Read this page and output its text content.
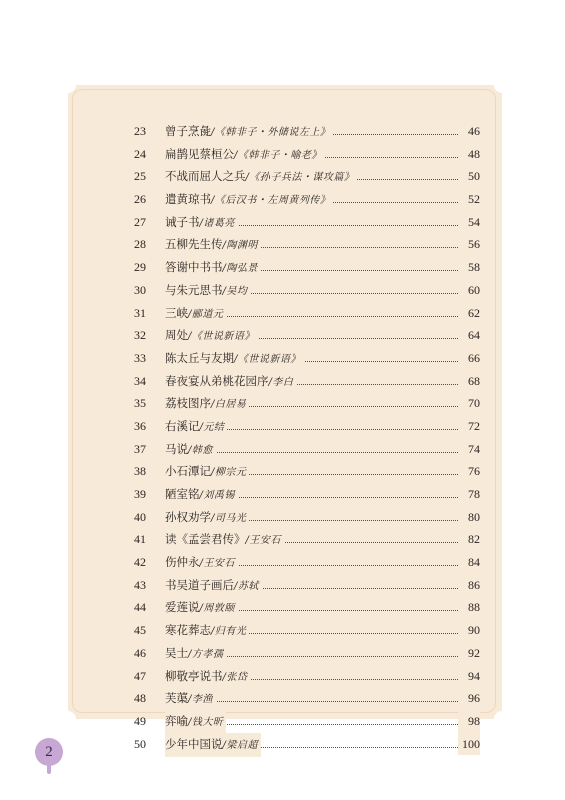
23	曾子烹彘/《韩非子・外储说左上》	46
24	扁鹊见蔡桓公/《韩非子・喻老》	48
25	不战而屈人之兵/《孙子兵法・谋攻篇》	50
26	遣黄琼书/《后汉书・左周黄列传》	52
27	诫子书/诸葛亮	54
28	五柳先生传/陶渊明	56
29	答谢中书书/陶弘景	58
30	与朱元思书/吴均	60
31	三峡/郦道元	62
32	周处/《世说新语》	64
33	陈太丘与友期/《世说新语》	66
34	春夜宴从弟桃花园序/李白	68
35	荔枝图序/白居易	70
36	右溪记/元结	72
37	马说/韩愈	74
38	小石潭记/柳宗元	76
39	陋室铭/刘禹锡	78
40	孙权劝学/司马光	80
41	读《孟尝君传》/王安石	82
42	伤仲永/王安石	84
43	书吴道子画后/苏轼	86
44	爱莲说/周敦颐	88
45	寒花葬志/归有光	90
46	吴士/方孝孺	92
47	柳敬亭说书/张岱	94
48	芙蕖/李渔	96
49	弈喻/钱大昕	98
50	少年中国说/梁启超	100
2
